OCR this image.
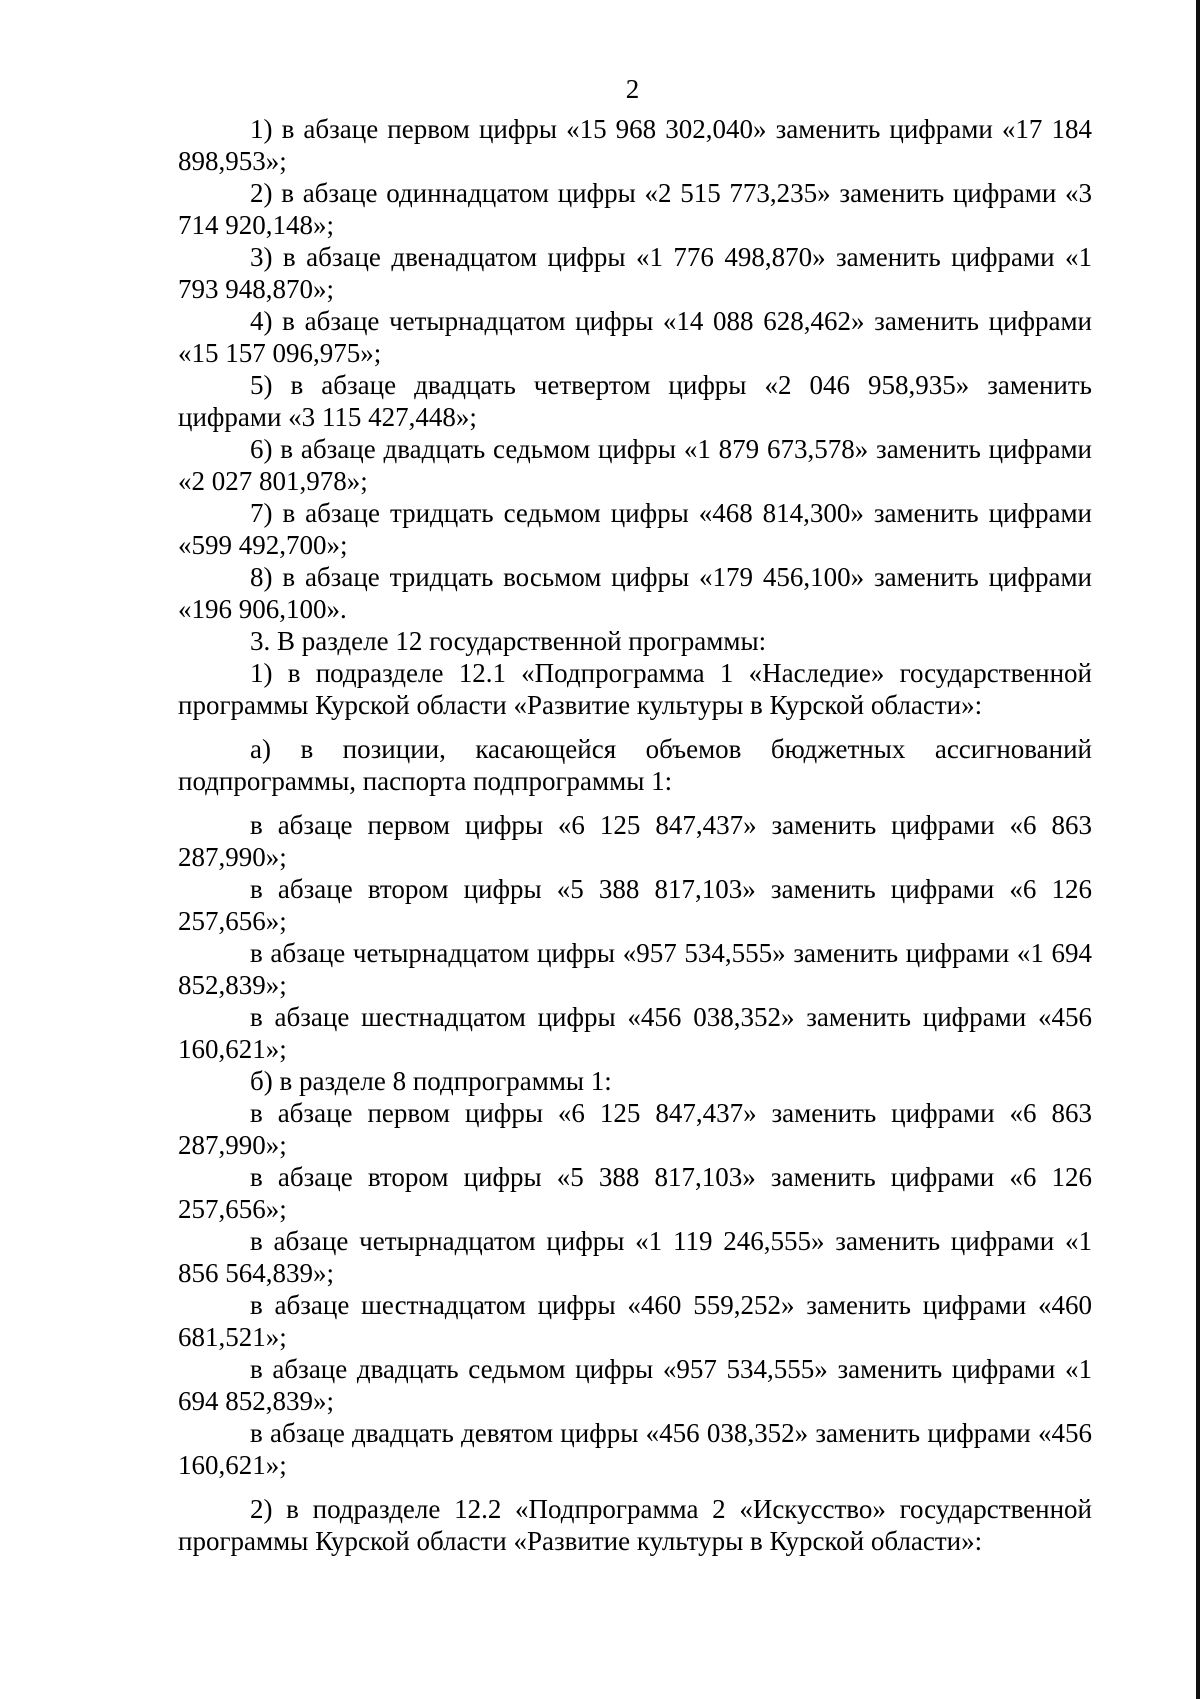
2

1) в абзаце первом цифры «15 968 302,040» заменить цифрами «17 184 898,953»;

2) в абзаце одиннадцатом цифры «2 515 773,235» заменить цифрами «3 714 920,148»;

3) в абзаце двенадцатом цифры «1 776 498,870» заменить цифрами «1 793 948,870»;

4) в абзаце четырнадцатом цифры «14 088 628,462» заменить цифрами «15 157 096,975»;

5) в абзаце двадцать четвертом цифры «2 046 958,935» заменить цифрами «3 115 427,448»;

6) в абзаце двадцать седьмом цифры «1 879 673,578» заменить цифрами «2 027 801,978»;

7) в абзаце тридцать седьмом цифры «468 814,300» заменить цифрами «599 492,700»;

8) в абзаце тридцать восьмом цифры «179 456,100» заменить цифрами «196 906,100».

3. В разделе 12 государственной программы:

1) в подразделе 12.1 «Подпрограмма 1 «Наследие» государственной программы Курской области «Развитие культуры в Курской области»:

а) в позиции, касающейся объемов бюджетных ассигнований подпрограммы, паспорта подпрограммы 1:

в абзаце первом цифры «6 125 847,437» заменить цифрами «6 863 287,990»;

в абзаце втором цифры «5 388 817,103» заменить цифрами «6 126 257,656»;

в абзаце четырнадцатом цифры «957 534,555» заменить цифрами «1 694 852,839»;

в абзаце шестнадцатом цифры «456 038,352» заменить цифрами «456 160,621»;

б) в разделе 8 подпрограммы 1:

в абзаце первом цифры «6 125 847,437» заменить цифрами «6 863 287,990»;

в абзаце втором цифры «5 388 817,103» заменить цифрами «6 126 257,656»;

в абзаце четырнадцатом цифры «1 119 246,555» заменить цифрами «1 856 564,839»;

в абзаце шестнадцатом цифры «460 559,252» заменить цифрами «460 681,521»;

в абзаце двадцать седьмом цифры «957 534,555» заменить цифрами «1 694 852,839»;

в абзаце двадцать девятом цифры «456 038,352» заменить цифрами «456 160,621»;

2) в подразделе 12.2 «Подпрограмма 2 «Искусство» государственной программы Курской области «Развитие культуры в Курской области»:
